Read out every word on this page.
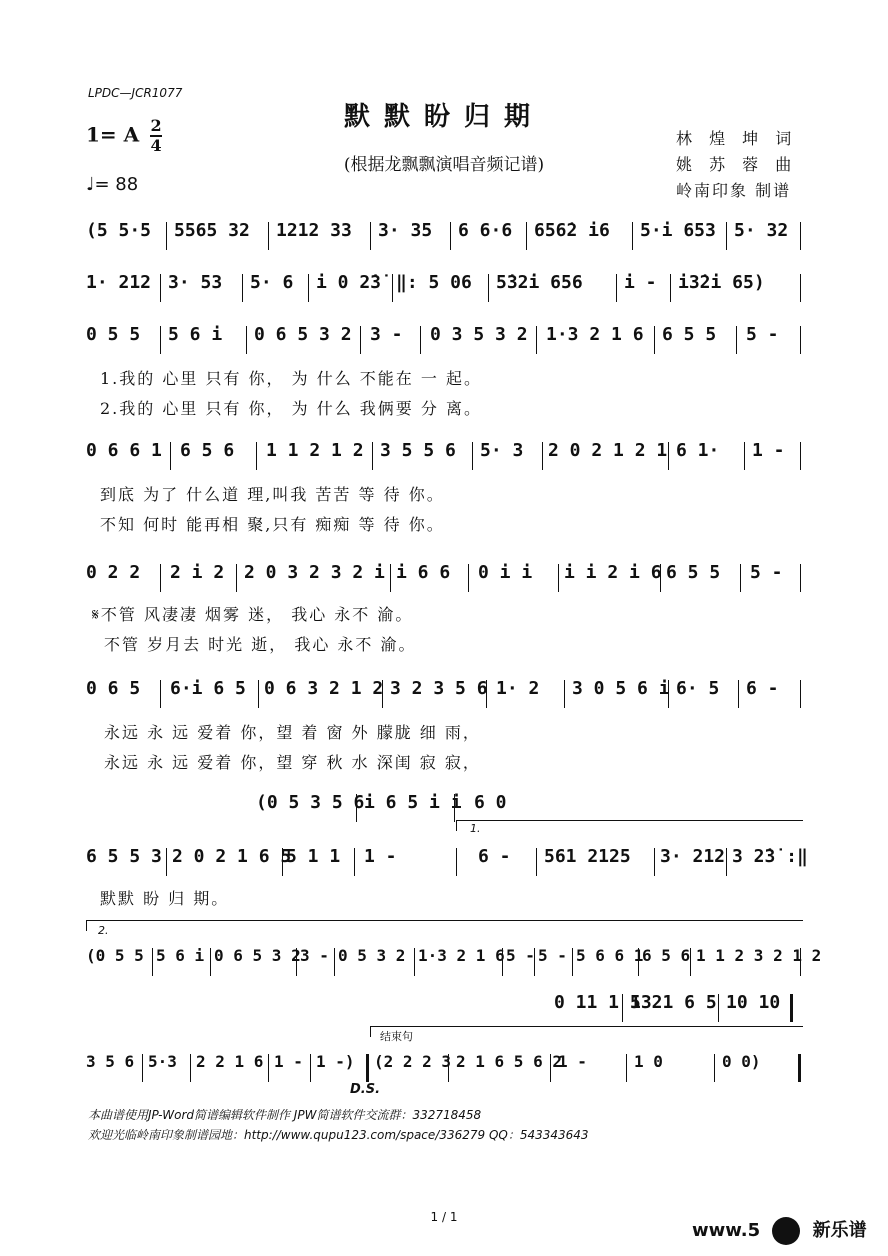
LPDC—JCR1077
默默盼归期
(根据龙飘飘演唱音频记谱)
1= A $\frac{2}{4}$
♩= 88
林 煌 坤 词
姚 苏 蓉 曲
岭南印象 制谱
(5 5·5 5565 32 1212 33 3· 35 6 6·6 656̇2 i6 5·i 653 5· 32
1· 212 3· 53 5· 6 i 0 2̇3̇ ‖: 5 06 5̇32̇i 656 i - i3̇2i 65)
0 5 5 5 6 i 0 6 5 3 2 3 - 0 3 5 3 2 1·3 2 1 6 6 5 5 5 -
1.我的 心里 只有 你， 为 什么 不能在 一 起。
2.我的 心里 只有 你， 为 什么 我俩要 分 离。
0 6 6 1 6 5 6 1 1 2 1 2 3 5 5 6 5· 3 2 0 2 1 2 1 6 1· 1 -
到底 为了 什么道 理,叫我 苦苦 等 待 你。
不知 何时 能再相 聚,只有 痴痴 等 待 你。
0 2 2 2 i 2 2 0 3 2 3 2 i i 6 6 0 i i i i 2 i 6 6 5 5 5 -
𝄋不管 风凄凄 烟雾 迷， 我心 永不 渝。
不管 岁月去 时光 逝， 我心 永不 渝。
0 6 5 6·i 6 5 0 6 3 2 1 2 3 2 3 5 6 1· 2 3 0 5 6 i 6· 5 6 -
永远 永 远 爱着 你，望 着 窗 外 朦胧 细 雨，
永远 永 远 爱着 你，望 穿 秋 水 深闺 寂 寂，
(0 5 3 5 6 i 6 5 i i 6 0
1.
6 5 5 3 2 0 2 1 6 5
5 1 1 1 -	6 - 561 2125 3· 212 3 2̇3̇ :‖
默默 盼 归 期。
2.
(0 5 5 5 6 i 0 6 5 3 2 3 - 0 5 3 2 1·3 2 1 6 5 - 5 - 5 6 6 1
6 5 6 1 1 2 3 2 1 2
0 11 1 5
1321 6 5 10 10
结束句
3 5 6 5·3 2 2 1 6 1 - 1 -) (2 2 2 3 2 1 6 5 6 2
1 -	1 0	0 0)
D.S.
本曲谱使用JP-Word简谱编辑软件制作 JPW简谱软件交流群：332718458
欢迎光临岭南印象制谱园地：http://www.qupu123.com/space/336279 QQ：543343643
1 / 1
www.5	新乐谱
